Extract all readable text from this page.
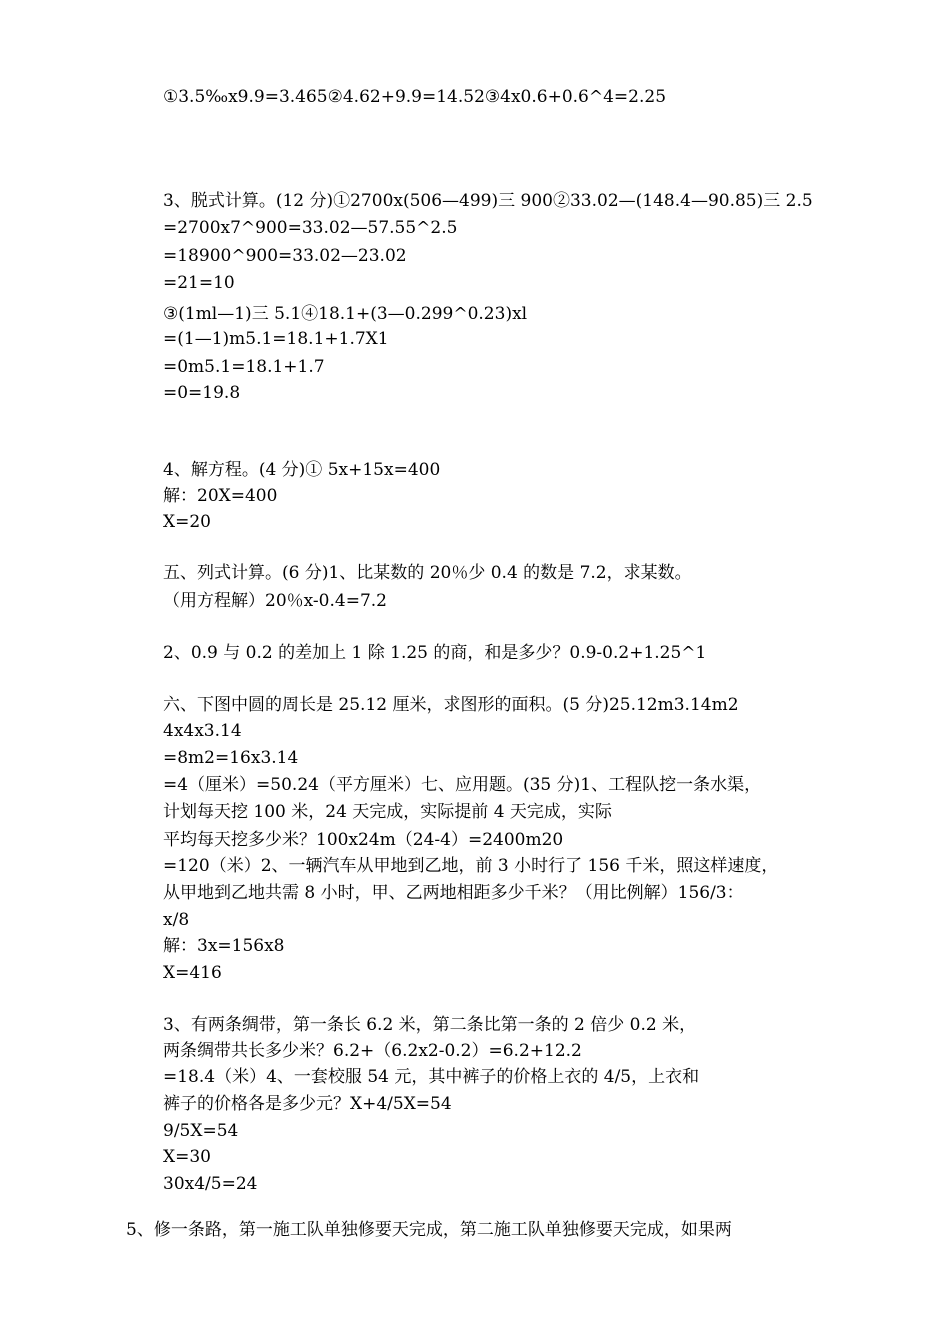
①3.5‰x9.9=3.465②4.62+9.9=14.52③4x0.6+0.6^4=2.25
3、脱式计算。(12 分)①2700x(506—499)三 900②33.02—(148.4—90.85)三 2.5
=2700x7^900=33.02—57.55^2.5
=18900^900=33.02—23.02
=21=10
③(1ml—1)三 5.1④18.1+(3—0.299^0.23)xl
=(1—1)m5.1=18.1+1.7X1
=0m5.1=18.1+1.7
=0=19.8
4、解方程。(4 分)① 5x+15x=400
解：20X=400
X=20
五、列式计算。(6 分)1、比某数的 20％少 0.4 的数是 7.2，求某数。
（用方程解）20％x-0.4=7.2
2、0.9 与 0.2 的差加上 1 除 1.25 的商，和是多少？0.9-0.2+1.25^1
六、下图中圆的周长是 25.12 厘米，求图形的面积。(5 分)25.12m3.14m2
4x4x3.14
=8m2=16x3.14
=4（厘米）=50.24（平方厘米）七、应用题。(35 分)1、工程队挖一条水渠，
计划每天挖 100 米，24 天完成，实际提前 4 天完成，实际
平均每天挖多少米？100x24m（24-4）=2400m20
=120（米）2、一辆汽车从甲地到乙地，前 3 小时行了 156 千米，照这样速度，
从甲地到乙地共需 8 小时，甲、乙两地相距多少千米？（用比例解）156/3：
x/8
解：3x=156x8
X=416
3、有两条绸带，第一条长 6.2 米，第二条比第一条的 2 倍少 0.2 米，
两条绸带共长多少米？6.2+（6.2x2-0.2）=6.2+12.2
=18.4（米）4、一套校服 54 元，其中裤子的价格上衣的 4/5，上衣和
裤子的价格各是多少元？X+4/5X=54
9/5X=54
X=30
30x4/5=24
5、修一条路，第一施工队单独修要天完成，第二施工队单独修要天完成，如果两
